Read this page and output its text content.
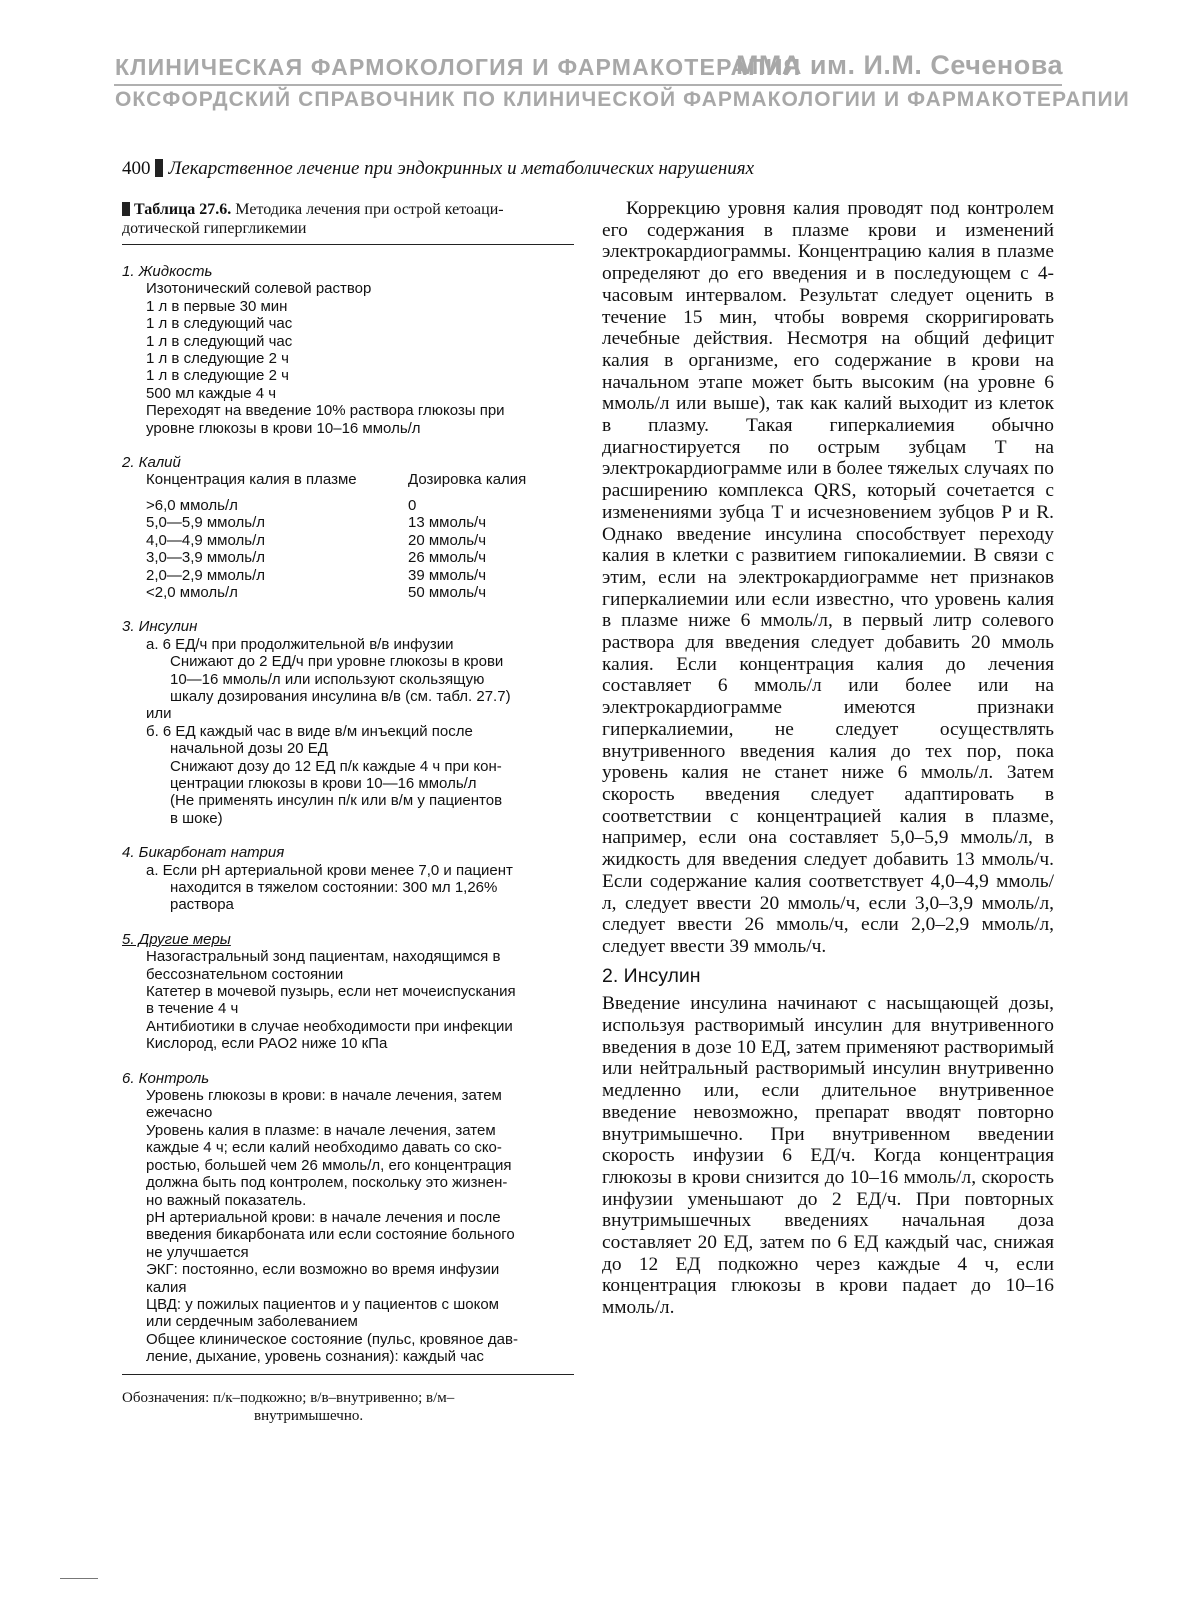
КЛИНИЧЕСКАЯ ФАРМОКОЛОГИЯ И ФАРМАКОТЕРАПИЯ
ММА им. И.М. Сеченова
ОКСФОРДСКИЙ СПРАВОЧНИК ПО КЛИНИЧЕСКОЙ ФАРМАКОЛОГИИ И ФАРМАКОТЕРАПИИ
400 Лекарственное лечение при эндокринных и метаболических нарушениях
Таблица 27.6. Методика лечения при острой кетоаци-
дотической гипергликемии
1. Жидкость
Изотонический солевой раствор
1 л в первые 30 мин
1 л в следующий час
1 л в следующий час
1 л в следующие 2 ч
1 л в следующие 2 ч
500 мл каждые 4 ч
Переходят на введение 10% раствора глюкозы при
уровне глюкозы в крови 10–16 ммоль/л
2. Калий
Концентрация калия в плазме	Дозировка калия
>6,0 ммоль/л	0
5,0—5,9 ммоль/л	13 ммоль/ч
4,0—4,9 ммоль/л	20 ммоль/ч
3,0—3,9 ммоль/л	26 ммоль/ч
2,0—2,9 ммоль/л	39 ммоль/ч
<2,0 ммоль/л	50 ммоль/ч
3. Инсулин
а. 6 ЕД/ч при продолжительной в/в инфузии
Снижают до 2 ЕД/ч при уровне глюкозы в крови
10—16 ммоль/л или используют скользящую
шкалу дозирования инсулина в/в (см. табл. 27.7)
или
б. 6 ЕД каждый час в виде в/м инъекций после
начальной дозы 20 ЕД
Снижают дозу до 12 ЕД п/к каждые 4 ч при кон-
центрации глюкозы в крови 10—16 ммоль/л
(Не применять инсулин п/к или в/м у пациентов
в шоке)
4. Бикарбонат натрия
а. Если pH артериальной крови менее 7,0 и пациент
находится в тяжелом состоянии: 300 мл 1,26%
раствора
5. Другие меры
Назогастральный зонд пациентам, находящимся в
бессознательном состоянии
Катетер в мочевой пузырь, если нет мочеиспускания
в течение 4 ч
Антибиотики в случае необходимости при инфекции
Кислород, если PAO2 ниже 10 кПа
6. Контроль
Уровень глюкозы в крови: в начале лечения, затем
ежечасно
Уровень калия в плазме: в начале лечения, затем
каждые 4 ч; если калий необходимо давать со ско-
ростью, большей чем 26 ммоль/л, его концентрация
должна быть под контролем, поскольку это жизнен-
но важный показатель.
pH артериальной крови: в начале лечения и после
введения бикарбоната или если состояние больного
не улучшается
ЭКГ: постоянно, если возможно во время инфузии
калия
ЦВД: у пожилых пациентов и у пациентов с шоком
или сердечным заболеванием
Общее клиническое состояние (пульс, кровяное дав-
ление, дыхание, уровень сознания): каждый час
Обозначения: п/к–подкожно; в/в–внутривенно; в/м–
внутримышечно.

Коррекцию уровня калия проводят под контролем его содержания в плазме крови и изменений электрокардиограммы. Концентрацию калия в плазме определяют до его введения и в последующем с 4-часовым интервалом. Результат следует оценить в течение 15 мин, чтобы вовремя скорригировать лечебные действия. Несмотря на общий дефицит калия в организме, его содержание в крови на начальном этапе может быть высоким (на уровне 6 ммоль/л или выше), так как калий выходит из клеток в плазму. Такая гиперкалиемия обычно диагностируется по острым зубцам Т на электрокардиограмме или в более тяжелых случаях по расширению комплекса QRS, который сочетается с изменениями зубца Т и исчезновением зубцов Р и R. Однако введение инсулина способствует переходу калия в клетки с развитием гипокалиемии. В связи с этим, если на электрокардиограмме нет признаков гиперкалиемии или если известно, что уровень калия в плазме ниже 6 ммоль/л, в первый литр солевого раствора для введения следует добавить 20 ммоль калия. Если концентрация калия до лечения составляет 6 ммоль/л или более или на электрокардиограмме имеются признаки гиперкалиемии, не следует осуществлять внутривенного введения калия до тех пор, пока уровень калия не станет ниже 6 ммоль/л. Затем скорость введения следует адаптировать в соответствии с концентрацией калия в плазме, например, если она составляет 5,0–5,9 ммоль/л, в жидкость для введения следует добавить 13 ммоль/ч. Если содержание калия соответствует 4,0–4,9 ммоль/л, следует ввести 20 ммоль/ч, если 3,0–3,9 ммоль/л, следует ввести 26 ммоль/ч, если 2,0–2,9 ммоль/л, следует ввести 39 ммоль/ч.

2. Инсулин

Введение инсулина начинают с насыщающей дозы, используя растворимый инсулин для внутривенного введения в дозе 10 ЕД, затем применяют растворимый или нейтральный растворимый инсулин внутривенно медленно или, если длительное внутривенное введение невозможно, препарат вводят повторно внутримышечно. При внутривенном введении скорость инфузии 6 ЕД/ч. Когда концентрация глюкозы в крови снизится до 10–16 ммоль/л, скорость инфузии уменьшают до 2 ЕД/ч. При повторных внутримышечных введениях начальная доза составляет 20 ЕД, затем по 6 ЕД каждый час, снижая до 12 ЕД подкожно через каждые 4 ч, если концентрация глюкозы в крови падает до 10–16 ммоль/л.
